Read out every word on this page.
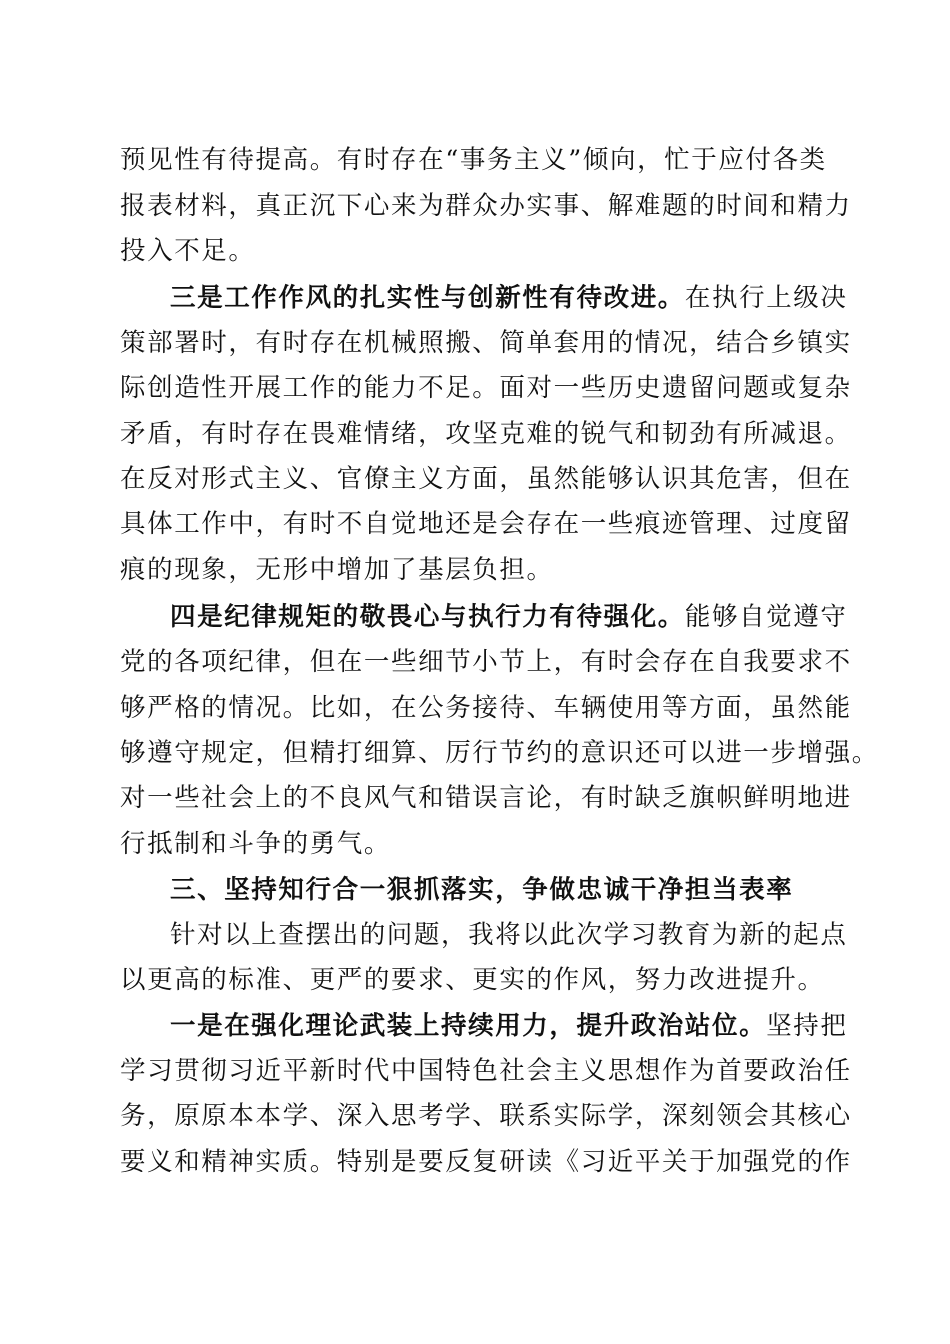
预见性有待提高。有时存在“事务主义”倾向，忙于应付各类
报表材料，真正沉下心来为群众办实事、解难题的时间和精力
投入不足。
三是工作作风的扎实性与创新性有待改进。在执行上级决
策部署时，有时存在机械照搬、简单套用的情况，结合乡镇实
际创造性开展工作的能力不足。面对一些历史遗留问题或复杂
矛盾，有时存在畏难情绪，攻坚克难的锐气和韧劲有所减退。
在反对形式主义、官僚主义方面，虽然能够认识其危害，但在
具体工作中，有时不自觉地还是会存在一些痕迹管理、过度留
痕的现象，无形中增加了基层负担。
四是纪律规矩的敬畏心与执行力有待强化。能够自觉遵守
党的各项纪律，但在一些细节小节上，有时会存在自我要求不
够严格的情况。比如，在公务接待、车辆使用等方面，虽然能
够遵守规定，但精打细算、厉行节约的意识还可以进一步增强。
对一些社会上的不良风气和错误言论，有时缺乏旗帜鲜明地进
行抵制和斗争的勇气。
三、坚持知行合一狠抓落实，争做忠诚干净担当表率
针对以上查摆出的问题，我将以此次学习教育为新的起点
以更高的标准、更严的要求、更实的作风，努力改进提升。
一是在强化理论武装上持续用力，提升政治站位。坚持把
学习贯彻习近平新时代中国特色社会主义思想作为首要政治任
务，原原本本学、深入思考学、联系实际学，深刻领会其核心
要义和精神实质。特别是要反复研读《习近平关于加强党的作
